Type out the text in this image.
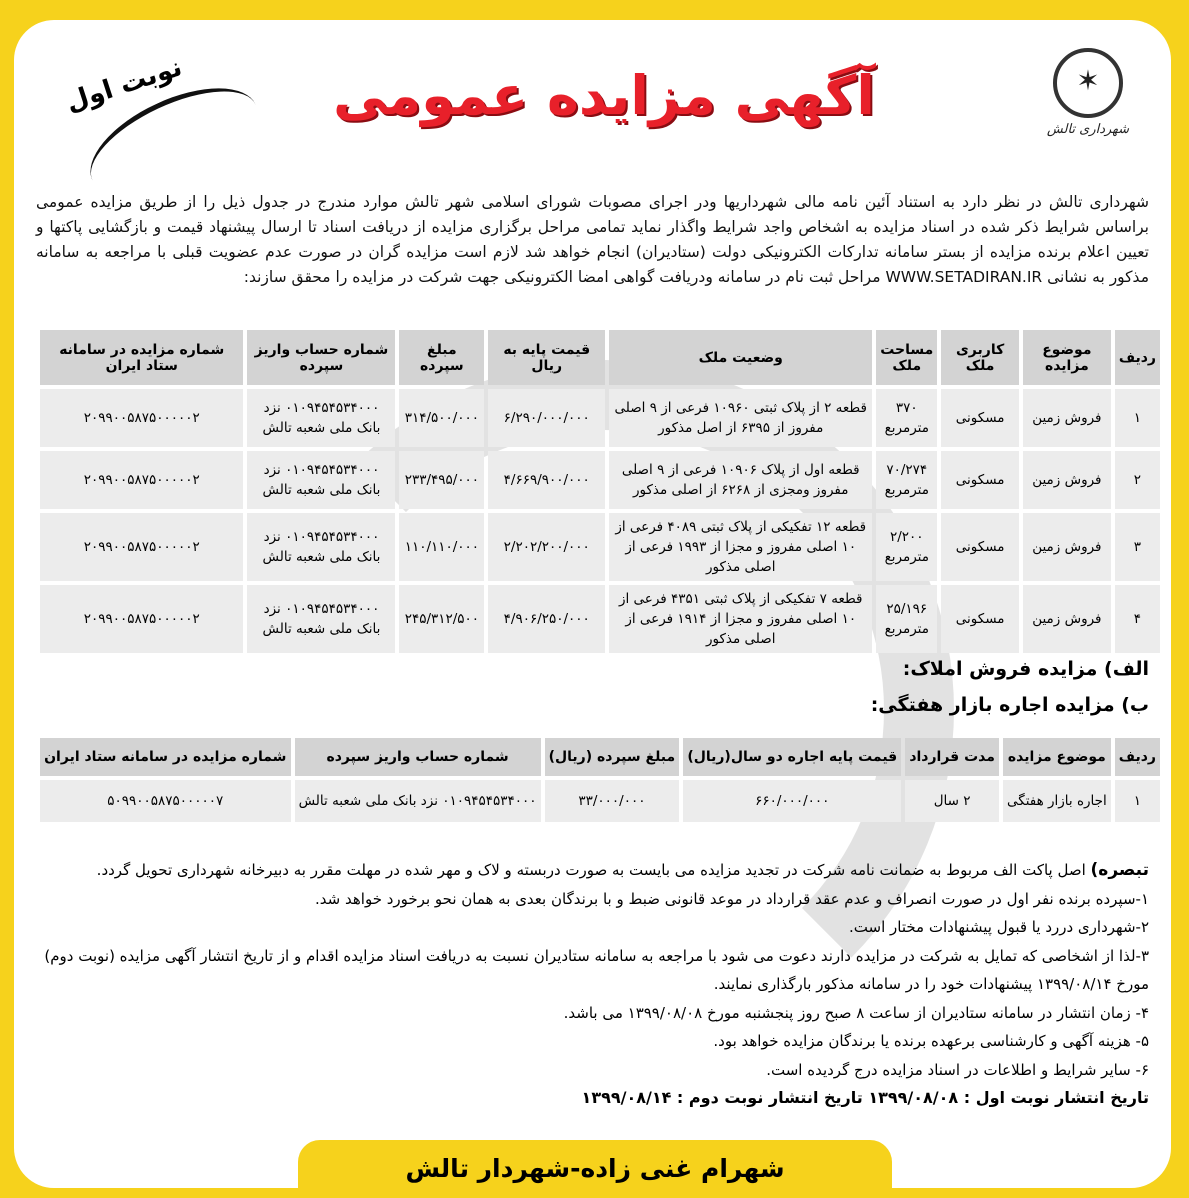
✶
شهرداری تالش
آگهی مزایده عمومی
نوبت اول
شهرداری تالش در نظر دارد به استناد آئین نامه مالی شهرداریها ودر اجرای مصوبات شورای اسلامی شهر تالش موارد مندرج در جدول ذیل را از طریق مزایده عمومی براساس شرایط ذکر شده در اسناد مزایده به اشخاص واجد شرایط واگذار نماید تمامی مراحل برگزاری مزایده از دریافت اسناد تا ارسال پیشنهاد قیمت و بازگشایی پاکتها و تعیین اعلام برنده مزایده از بستر سامانه تدارکات الکترونیکی دولت (ستادیران) انجام خواهد شد لازم است مزایده گران در صورت عدم عضویت قبلی با مراجعه به سامانه مذکور به نشانی WWW.SETADIRAN.IR مراحل ثبت نام در سامانه ودریافت گواهی امضا الکترونیکی جهت شرکت در مزایده را محقق سازند:
ردیف	موضوع مزایده	کاربری ملک	مساحت ملک	وضعیت ملک	قیمت پایه به ریال	مبلغ سپرده	شماره حساب واریز سپرده	شماره مزایده در سامانه ستاد ایران
۱	فروش زمین	مسکونی	۳۷۰ مترمربع	قطعه ۲ از پلاک ثبتی ۱۰۹۶۰ فرعی از ۹ اصلی مفروز از ۶۳۹۵ از اصل مذکور	۶/۲۹۰/۰۰۰/۰۰۰	۳۱۴/۵۰۰/۰۰۰	۰۱۰۹۴۵۴۵۳۴۰۰۰ نزد بانک ملی شعبه تالش	۲۰۹۹۰۰۵۸۷۵۰۰۰۰۰۲
۲	فروش زمین	مسکونی	۷۰/۲۷۴ مترمربع	قطعه اول از پلاک ۱۰۹۰۶ فرعی از ۹ اصلی مفروز ومجزی از ۶۲۶۸ از اصلی مذکور	۴/۶۶۹/۹۰۰/۰۰۰	۲۳۳/۴۹۵/۰۰۰	۰۱۰۹۴۵۴۵۳۴۰۰۰ نزد بانک ملی شعبه تالش	۲۰۹۹۰۰۵۸۷۵۰۰۰۰۰۲
۳	فروش زمین	مسکونی	۲/۲۰۰ مترمربع	قطعه ۱۲ تفکیکی از پلاک ثبتی ۴۰۸۹ فرعی از ۱۰ اصلی مفروز و مجزا از ۱۹۹۳ فرعی از اصلی مذکور	۲/۲۰۲/۲۰۰/۰۰۰	۱۱۰/۱۱۰/۰۰۰	۰۱۰۹۴۵۴۵۳۴۰۰۰ نزد بانک ملی شعبه تالش	۲۰۹۹۰۰۵۸۷۵۰۰۰۰۰۲
۴	فروش زمین	مسکونی	۲۵/۱۹۶ مترمربع	قطعه ۷ تفکیکی از پلاک ثبتی ۴۳۵۱ فرعی از ۱۰ اصلی مفروز و مجزا از ۱۹۱۴ فرعی از اصلی مذکور	۴/۹۰۶/۲۵۰/۰۰۰	۲۴۵/۳۱۲/۵۰۰	۰۱۰۹۴۵۴۵۳۴۰۰۰ نزد بانک ملی شعبه تالش	۲۰۹۹۰۰۵۸۷۵۰۰۰۰۰۲
الف) مزایده فروش املاک:
ب) مزایده اجاره بازار هفتگی:
ردیف	موضوع مزایده	مدت قرارداد	قیمت پایه اجاره دو سال(ریال)	مبلغ سپرده (ریال)	شماره حساب واریز سپرده	شماره مزایده در سامانه ستاد ایران
۱	اجاره بازار هفتگی	۲ سال	۶۶۰/۰۰۰/۰۰۰	۳۳/۰۰۰/۰۰۰	۰۱۰۹۴۵۴۵۳۴۰۰۰ نزد بانک ملی شعبه تالش	۵۰۹۹۰۰۵۸۷۵۰۰۰۰۰۷
تبصره) اصل پاکت الف مربوط به ضمانت نامه شرکت در تجدید مزایده می بایست به صورت دربسته و لاک و مهر شده در مهلت مقرر به دبیرخانه شهرداری تحویل گردد.
۱-سپرده برنده نفر اول در صورت انصراف و عدم عقد قرارداد در موعد قانونی ضبط و با برندگان بعدی به همان نحو برخورد خواهد شد.
۲-شهرداری دررد یا قبول پیشنهادات مختار است.
۳-لذا از اشخاصی که تمایل به شرکت در مزایده دارند دعوت می شود با مراجعه به سامانه ستادیران نسبت به دریافت اسناد مزایده اقدام و از تاریخ انتشار آگهی مزایده (نوبت دوم) مورخ ۱۳۹۹/۰۸/۱۴ پیشنهادات خود را در سامانه مذکور بارگذاری نمایند.
۴- زمان انتشار در سامانه ستادیران از ساعت ۸ صبح روز پنجشنبه مورخ ۱۳۹۹/۰۸/۰۸ می باشد.
۵- هزینه آگهی و کارشناسی برعهده برنده یا برندگان مزایده خواهد بود.
۶- سایر شرایط و اطلاعات در اسناد مزایده درج گردیده است.
تاریخ انتشار نوبت اول : ۱۳۹۹/۰۸/۰۸ تاریخ انتشار نوبت دوم : ۱۳۹۹/۰۸/۱۴
شهرام غنی زاده-شهردار تالش
